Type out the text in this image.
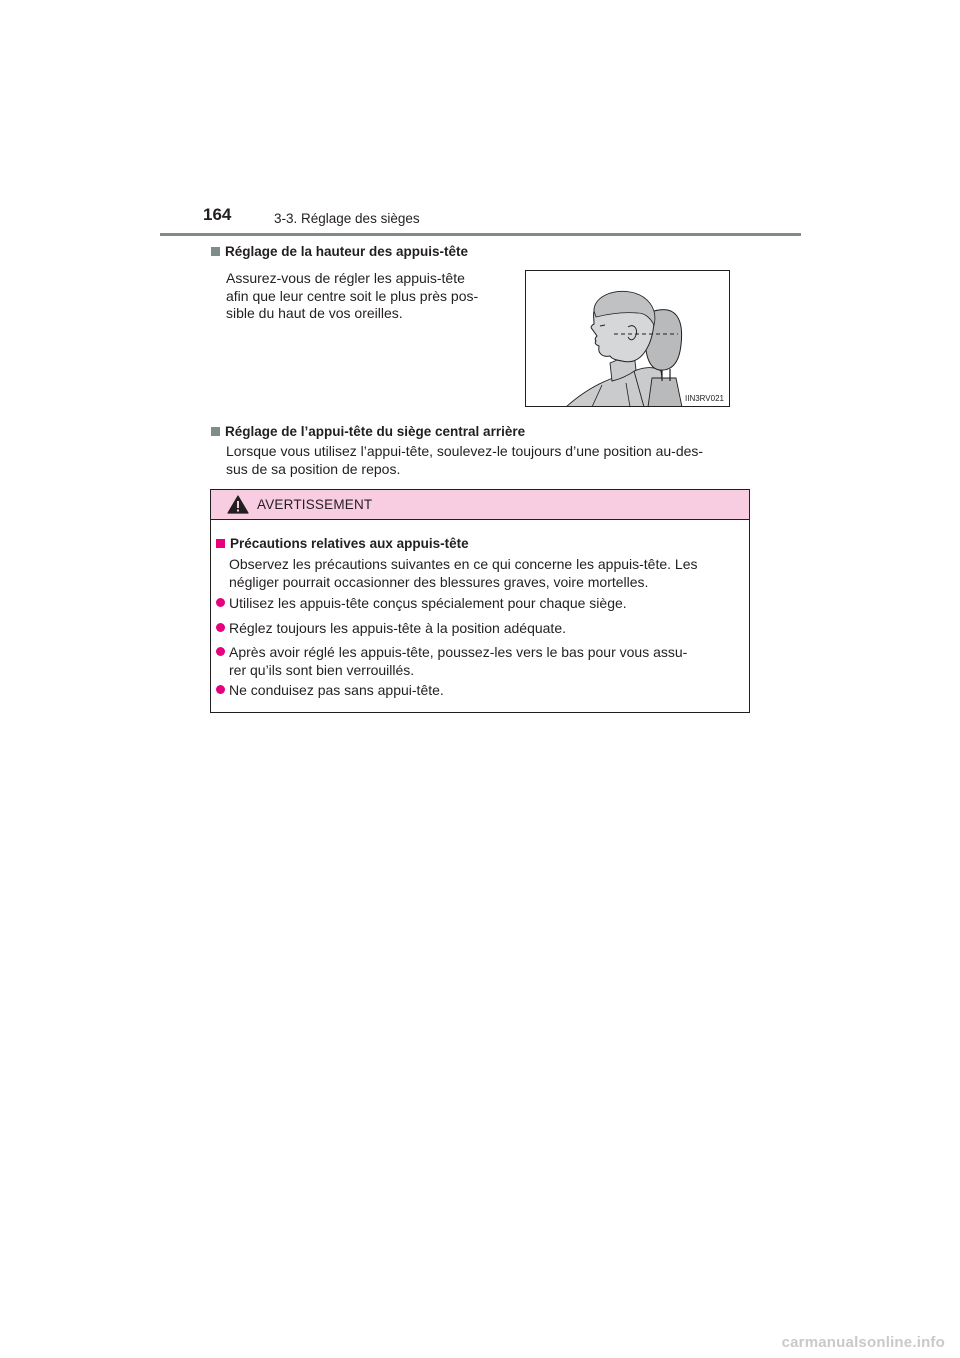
164	3-3. Réglage des sièges
Réglage de la hauteur des appuis-tête
Assurez-vous de régler les appuis-tête
afin que leur centre soit le plus près pos-
sible du haut de vos oreilles.
IIN3RV021
Réglage de l’appui-tête du siège central arrière
Lorsque vous utilisez l’appui-tête, soulevez-le toujours d’une position au-des-
sus de sa position de repos.
AVERTISSEMENT
Précautions relatives aux appuis-tête
Observez les précautions suivantes en ce qui concerne les appuis-tête. Les
négliger pourrait occasionner des blessures graves, voire mortelles.
Utilisez les appuis-tête conçus spécialement pour chaque siège.
Réglez toujours les appuis-tête à la position adéquate.
Après avoir réglé les appuis-tête, poussez-les vers le bas pour vous assu-
rer qu’ils sont bien verrouillés.
Ne conduisez pas sans appui-tête.
carmanualsonline.info
